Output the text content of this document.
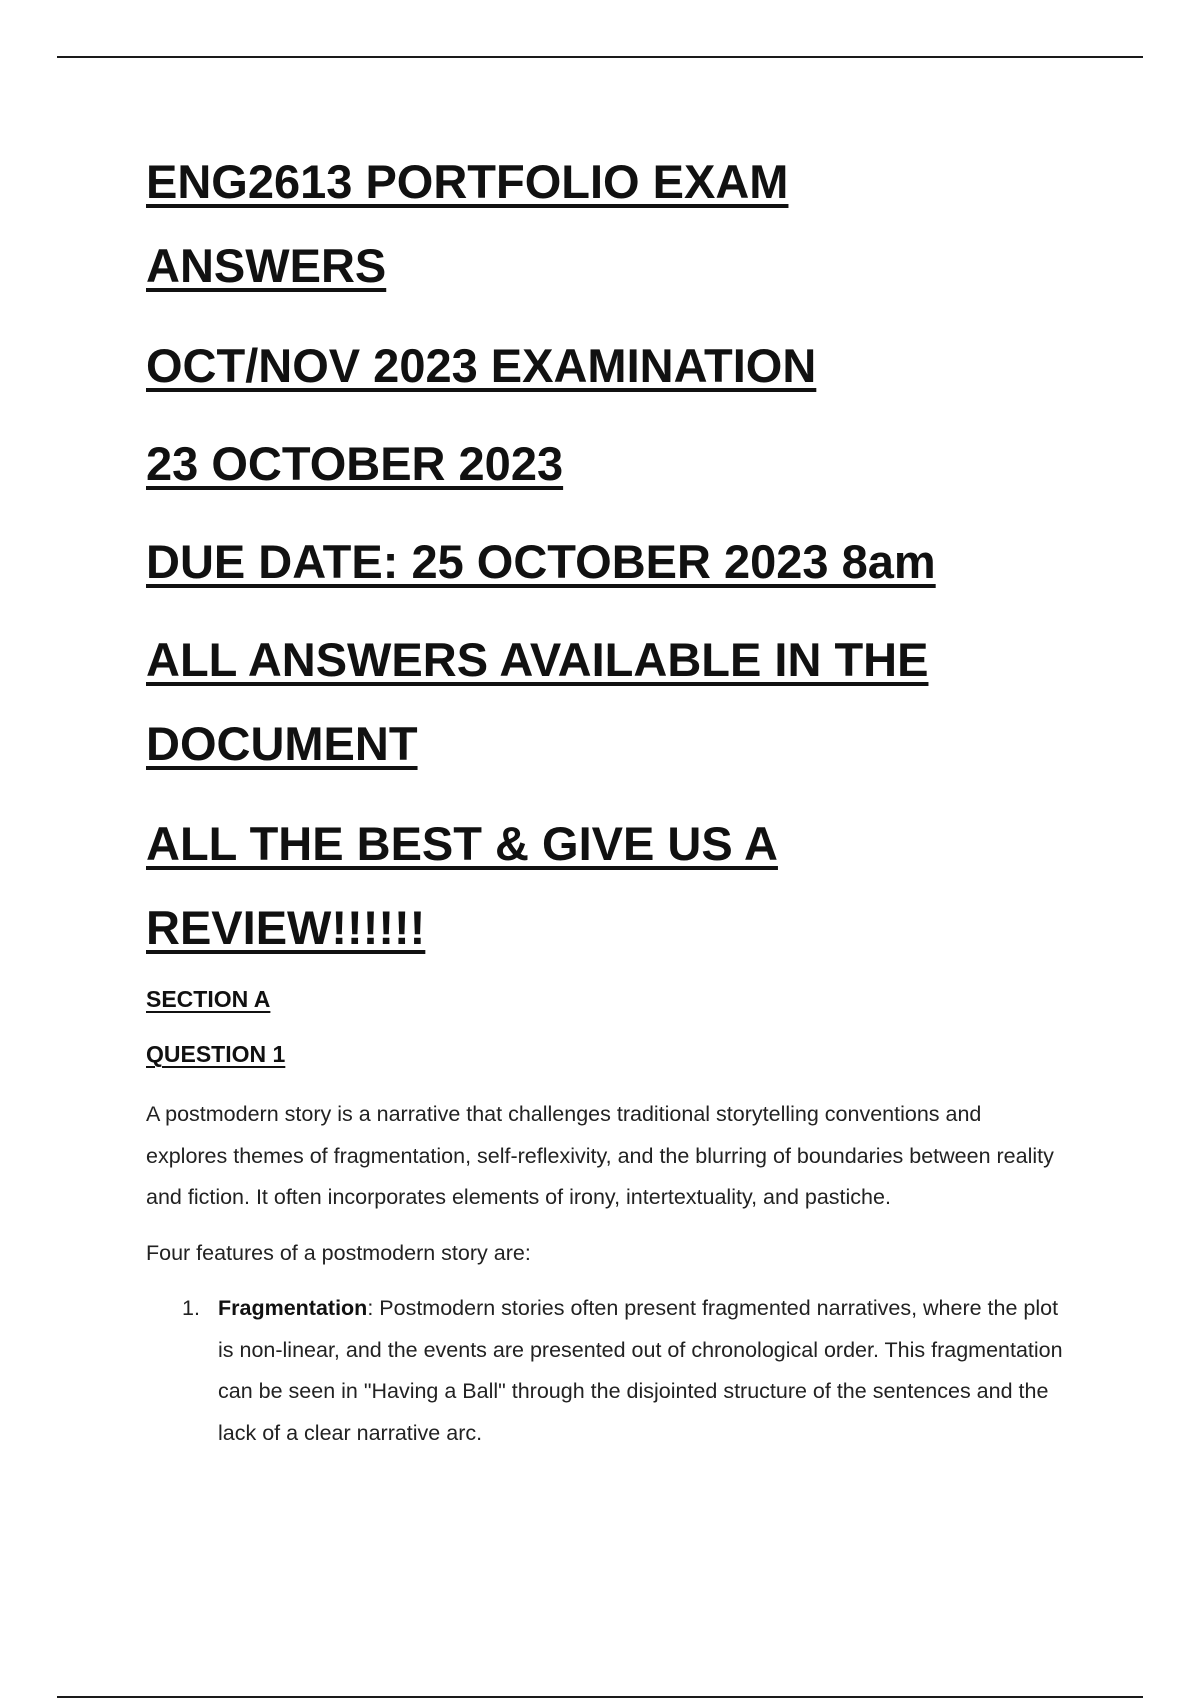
ENG2613 PORTFOLIO EXAM
ANSWERS
OCT/NOV 2023 EXAMINATION
23 OCTOBER 2023
DUE DATE: 25 OCTOBER 2023 8am
ALL ANSWERS AVAILABLE IN THE
DOCUMENT
ALL THE BEST & GIVE US A
REVIEW!!!!!!

SECTION A

QUESTION 1

A postmodern story is a narrative that challenges traditional storytelling conventions and explores themes of fragmentation, self-reflexivity, and the blurring of boundaries between reality and fiction. It often incorporates elements of irony, intertextuality, and pastiche.

Four features of a postmodern story are:

1. Fragmentation: Postmodern stories often present fragmented narratives, where the plot is non-linear, and the events are presented out of chronological order. This fragmentation can be seen in "Having a Ball" through the disjointed structure of the sentences and the lack of a clear narrative arc.
